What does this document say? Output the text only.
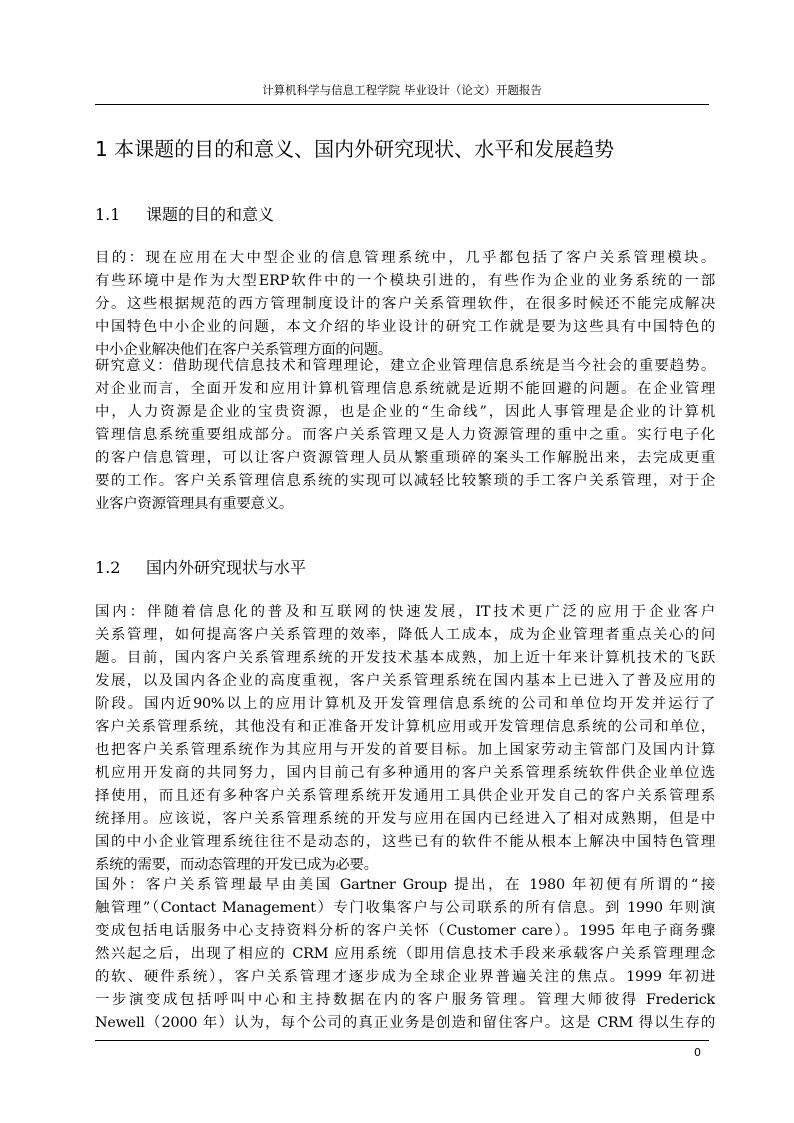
计算机科学与信息工程学院 毕业设计（论文）开题报告
1 本课题的目的和意义、国内外研究现状、水平和发展趋势
1.1 课题的目的和意义
目的：现在应用在大中型企业的信息管理系统中，几乎都包括了客户关系管理模块。
有些环境中是作为大型ERP软件中的一个模块引进的，有些作为企业的业务系统的一部
分。这些根据规范的西方管理制度设计的客户关系管理软件，在很多时候还不能完成解决
中国特色中小企业的问题，本文介绍的毕业设计的研究工作就是要为这些具有中国特色的
中小企业解决他们在客户关系管理方面的问题。
研究意义：借助现代信息技术和管理理论，建立企业管理信息系统是当今社会的重要趋势。
对企业而言，全面开发和应用计算机管理信息系统就是近期不能回避的问题。在企业管理
中，人力资源是企业的宝贵资源，也是企业的“生命线”，因此人事管理是企业的计算机
管理信息系统重要组成部分。而客户关系管理又是人力资源管理的重中之重。实行电子化
的客户信息管理，可以让客户资源管理人员从繁重琐碎的案头工作解脱出来，去完成更重
要的工作。客户关系管理信息系统的实现可以减轻比较繁琐的手工客户关系管理，对于企
业客户资源管理具有重要意义。
1.2 国内外研究现状与水平
国内：伴随着信息化的普及和互联网的快速发展，IT技术更广泛的应用于企业客户
关系管理，如何提高客户关系管理的效率，降低人工成本，成为企业管理者重点关心的问
题。目前，国内客户关系管理系统的开发技术基本成熟，加上近十年来计算机技术的飞跃
发展，以及国内各企业的高度重视，客户关系管理系统在国内基本上已进入了普及应用的
阶段。国内近90%以上的应用计算机及开发管理信息系统的公司和单位均开发并运行了
客户关系管理系统，其他没有和正准备开发计算机应用或开发管理信息系统的公司和单位，
也把客户关系管理系统作为其应用与开发的首要目标。加上国家劳动主管部门及国内计算
机应用开发商的共同努力，国内目前己有多种通用的客户关系管理系统软件供企业单位选
择使用，而且还有多种客户关系管理系统开发通用工具供企业开发自己的客户关系管理系
统择用。应该说，客户关系管理系统的开发与应用在国内已经进入了相对成熟期，但是中
国的中小企业管理系统往往不是动态的，这些已有的软件不能从根本上解决中国特色管理
系统的需要，而动态管理的开发已成为必要。
国外：客户关系管理最早由美国 Gartner Group 提出，在 1980 年初便有所谓的“接
触管理”（Contact Management）专门收集客户与公司联系的所有信息。到 1990 年则演
变成包括电话服务中心支持资料分析的客户关怀（Customer care）。1995 年电子商务骤
然兴起之后，出现了相应的 CRM 应用系统（即用信息技术手段来承载客户关系管理理念
的软、硬件系统），客户关系管理才逐步成为全球企业界普遍关注的焦点。1999 年初进
一步演变成包括呼叫中心和主持数据在内的客户服务管理。管理大师彼得 Frederick
Newell（2000 年）认为，每个公司的真正业务是创造和留住客户。这是 CRM 得以生存的
0
